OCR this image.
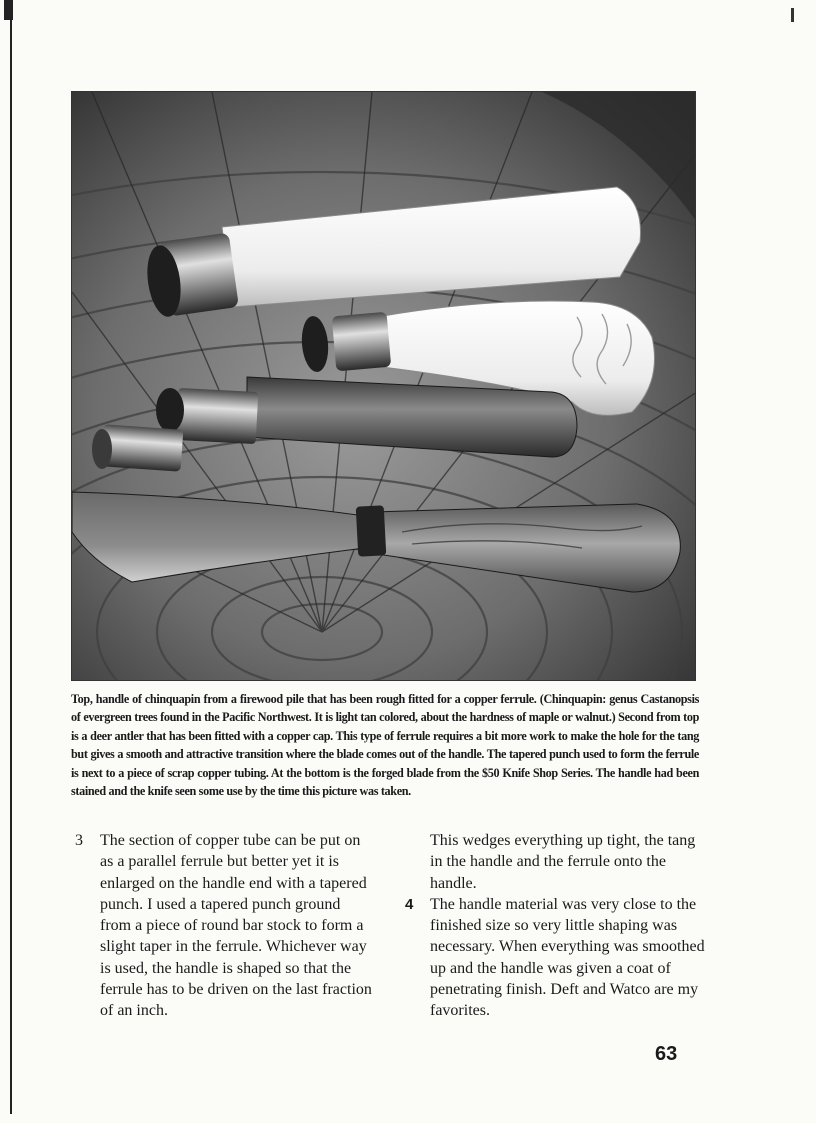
Top, handle of chinquapin from a firewood pile that has been rough fitted for a copper ferrule. (Chinquapin: genus Castanopsis of evergreen trees found in the Pacific Northwest. It is light tan colored, about the hardness of maple or walnut.) Second from top is a deer antler that has been fitted with a copper cap. This type of ferrule requires a bit more work to make the hole for the tang but gives a smooth and attractive transition where the blade comes out of the handle. The tapered punch used to form the ferrule is next to a piece of scrap copper tubing. At the bottom is the forged blade from the $50 Knife Shop Series. The handle had been stained and the knife seen some use by the time this picture was taken.

3 The section of copper tube can be put on as a parallel ferrule but better yet it is enlarged on the handle end with a tapered punch. I used a tapered punch ground from a piece of round bar stock to form a slight taper in the ferrule. Whichever way is used, the handle is shaped so that the ferrule has to be driven on the last fraction of an inch.

This wedges everything up tight, the tang in the handle and the ferrule onto the handle.

4 The handle material was very close to the finished size so very little shaping was necessary. When everything was smoothed up and the handle was given a coat of penetrating finish. Deft and Watco are my favorites.

63
